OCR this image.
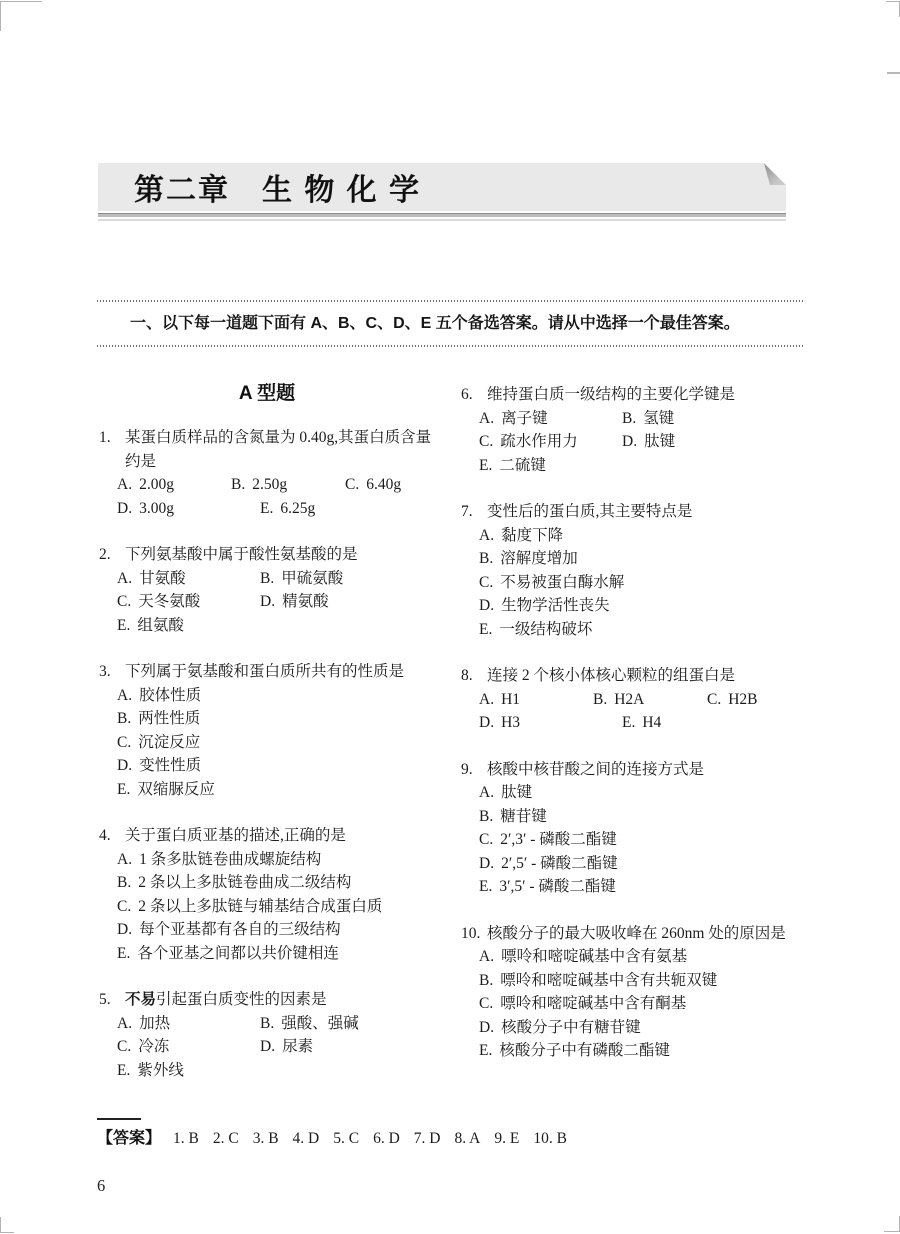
第二章　生 物 化 学

一、以下每一道题下面有 A、B、C、D、E 五个备选答案。请从中选择一个最佳答案。

A 型题
1. 某蛋白质样品的含氮量为 0.40g,其蛋白质含量约是
A. 2.00g	B. 2.50g	C. 6.40g
D. 3.00g	E. 6.25g
2. 下列氨基酸中属于酸性氨基酸的是
A. 甘氨酸	B. 甲硫氨酸
C. 天冬氨酸	D. 精氨酸
E. 组氨酸
3. 下列属于氨基酸和蛋白质所共有的性质是
A. 胶体性质
B. 两性性质
C. 沉淀反应
D. 变性性质
E. 双缩脲反应
4. 关于蛋白质亚基的描述,正确的是
A. 1 条多肽链卷曲成螺旋结构
B. 2 条以上多肽链卷曲成二级结构
C. 2 条以上多肽链与辅基结合成蛋白质
D. 每个亚基都有各自的三级结构
E. 各个亚基之间都以共价键相连
5. 不易引起蛋白质变性的因素是
A. 加热	B. 强酸、强碱
C. 冷冻	D. 尿素
E. 紫外线
6. 维持蛋白质一级结构的主要化学键是
A. 离子键	B. 氢键
C. 疏水作用力	D. 肽键
E. 二硫键
7. 变性后的蛋白质,其主要特点是
A. 黏度下降
B. 溶解度增加
C. 不易被蛋白酶水解
D. 生物学活性丧失
E. 一级结构破坏
8. 连接 2 个核小体核心颗粒的组蛋白是
A. H1	B. H2A	C. H2B
D. H3	E. H4
9. 核酸中核苷酸之间的连接方式是
A. 肽键
B. 糖苷键
C. 2′,3′ - 磷酸二酯键
D. 2′,5′ - 磷酸二酯键
E. 3′,5′ - 磷酸二酯键
10. 核酸分子的最大吸收峰在 260nm 处的原因是
A. 嘌呤和嘧啶碱基中含有氨基
B. 嘌呤和嘧啶碱基中含有共轭双键
C. 嘌呤和嘧啶碱基中含有酮基
D. 核酸分子中有糖苷键
E. 核酸分子中有磷酸二酯键

【答案】 1. B 2. C 3. B 4. D 5. C 6. D 7. D 8. A 9. E 10. B

6
